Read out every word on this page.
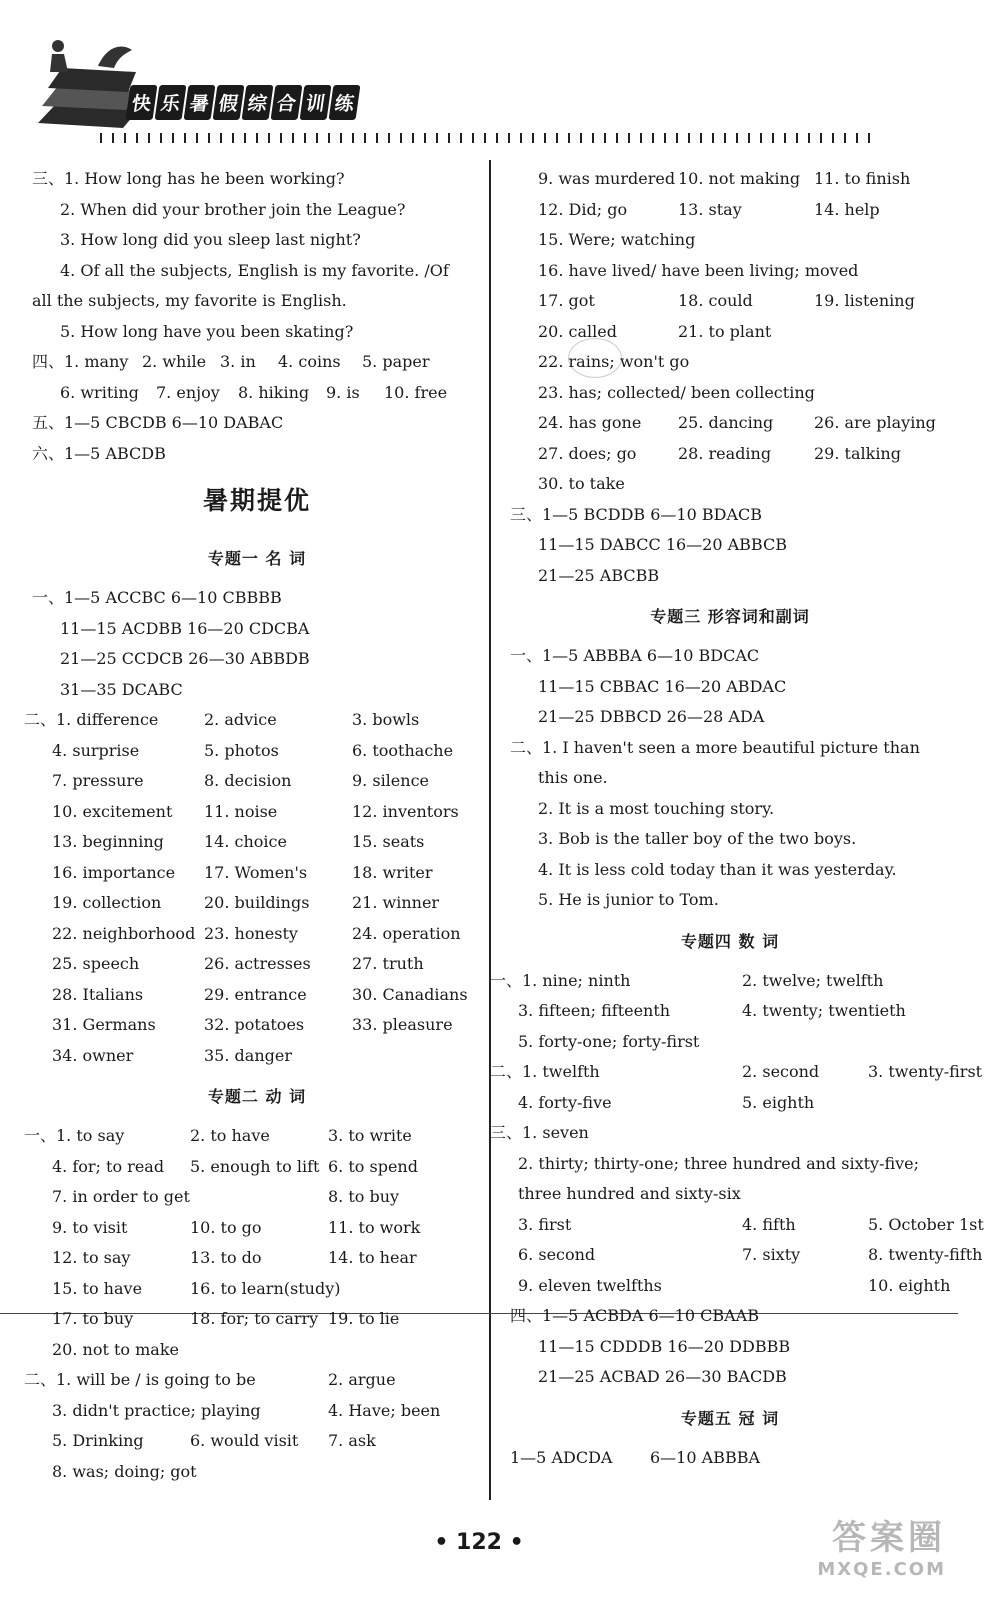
快 乐 暑 假 综 合 训 练
三、1. How long has he been working?
2. When did your brother join the League?
3. How long did you sleep last night?
4. Of all the subjects, English is my favorite. /Of
all the subjects, my favorite is English.
5. How long have you been skating?
四、1. many 2. while 3. in 4. coins 5. paper
6. writing 7. enjoy 8. hiking 9. is 10. free
五、1—5 CBCDB 6—10 DABAC
六、1—5 ABCDB
暑期提优
专题一 名 词
一、1—5 ACCBC 6—10 CBBBB
11—15 ACDBB 16—20 CDCBA
21—25 CCDCB 26—30 ABBDB
31—35 DCABC
二、1. difference	2. advice	3. bowls
4. surprise	5. photos	6. toothache
7. pressure	8. decision	9. silence
10. excitement 11. noise	12. inventors
13. beginning	14. choice	15. seats
16. importance 17. Women's	18. writer
19. collection	20. buildings	21. winner
22. neighborhood 23. honesty	24. operation
25. speech	26. actresses	27. truth
28. Italians	29. entrance	30. Canadians
31. Germans	32. potatoes	33. pleasure
34. owner	35. danger
专题二 动 词
一、1. to say	2. to have	3. to write
4. for; to read 5. enough to lift 6. to spend
7. in order to get	8. to buy
9. to visit	10. to go	11. to work
12. to say	13. to do	14. to hear
15. to have	16. to learn(study)
17. to buy	18. for; to carry 19. to lie
20. not to make
二、1. will be / is going to be	2. argue
3. didn't practice; playing	4. Have; been
5. Drinking	6. would visit 7. ask
8. was; doing; got
9. was murdered 10. not making 11. to finish
12. Did; go	13. stay	14. help
15. Were; watching
16. have lived/ have been living; moved
17. got	18. could	19. listening
20. called	21. to plant
22. rains; won't go
23. has; collected/ been collecting
24. has gone 25. dancing	26. are playing
27. does; go	28. reading	29. talking
30. to take
三、1—5 BCDDB 6—10 BDACB
11—15 DABCC 16—20 ABBCB
21—25 ABCBB
专题三 形容词和副词
一、1—5 ABBBA 6—10 BDCAC
11—15 CBBAC 16—20 ABDAC
21—25 DBBCD 26—28 ADA
二、1. I haven't seen a more beautiful picture than
this one.
2. It is a most touching story.
3. Bob is the taller boy of the two boys.
4. It is less cold today than it was yesterday.
5. He is junior to Tom.
专题四 数 词
一、1. nine; ninth	2. twelve; twelfth
3. fifteen; fifteenth	4. twenty; twentieth
5. forty-one; forty-first
二、1. twelfth	2. second	3. twenty-first
4. forty-five	5. eighth
三、1. seven
2. thirty; thirty-one; three hundred and sixty-five;
three hundred and sixty-six
3. first	4. fifth	5. October 1st
6. second	7. sixty	8. twenty-fifth
9. eleven twelfths	10. eighth
四、1—5 ACBDA 6—10 CBAAB
11—15 CDDDB 16—20 DDBBB
21—25 ACBAD 26—30 BACDB
专题五 冠 词
1—5 ADCDA 6—10 ABBBA
• 122 •	答案圈
MXQE.COM
